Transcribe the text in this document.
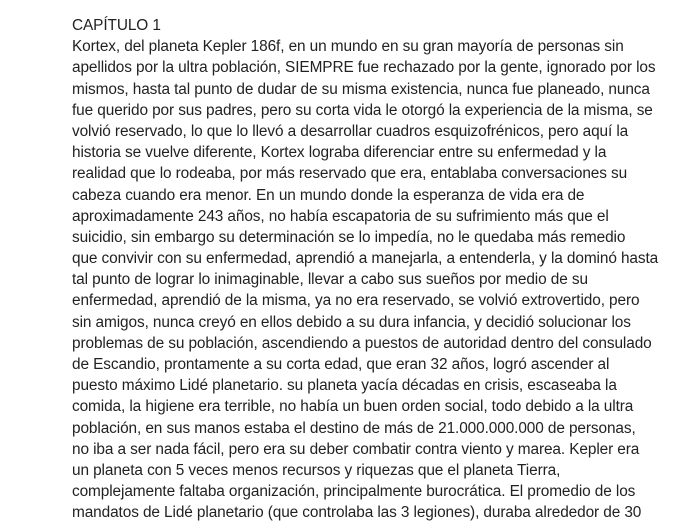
CAPÍTULO 1
Kortex, del planeta Kepler 186f, en un mundo en su gran mayoría de personas sin
apellidos por la ultra población, SIEMPRE fue rechazado por la gente, ignorado por los
mismos, hasta tal punto de dudar de su misma existencia, nunca fue planeado, nunca
fue querido por sus padres, pero su corta vida le otorgó la experiencia de la misma, se
volvió reservado, lo que lo llevó a desarrollar cuadros esquizofrénicos, pero aquí la
historia se vuelve diferente, Kortex lograba diferenciar entre su enfermedad y la
realidad que lo rodeaba, por más reservado que era, entablaba conversaciones su
cabeza cuando era menor. En un mundo donde la esperanza de vida era de
aproximadamente 243 años, no había escapatoria de su sufrimiento más que el
suicidio, sin embargo su determinación se lo impedía, no le quedaba más remedio
que convivir con su enfermedad, aprendió a manejarla, a entenderla, y la dominó hasta
tal punto de lograr lo inimaginable, llevar a cabo sus sueños por medio de su
enfermedad, aprendió de la misma, ya no era reservado, se volvió extrovertido, pero
sin amigos, nunca creyó en ellos debido a su dura infancia, y decidió solucionar los
problemas de su población, ascendiendo a puestos de autoridad dentro del consulado
de Escandio, prontamente a su corta edad, que eran 32 años, logró ascender al
puesto máximo Lidé planetario. su planeta yacía décadas en crisis, escaseaba la
comida, la higiene era terrible, no había un buen orden social, todo debido a la ultra
población, en sus manos estaba el destino de más de 21.000.000.000 de personas,
no iba a ser nada fácil, pero era su deber combatir contra viento y marea. Kepler era
un planeta con 5 veces menos recursos y riquezas que el planeta Tierra,
complejamente faltaba organización, principalmente burocrática. El promedio de los
mandatos de Lidé planetario (que controlaba las 3 legiones), duraba alrededor de 30
